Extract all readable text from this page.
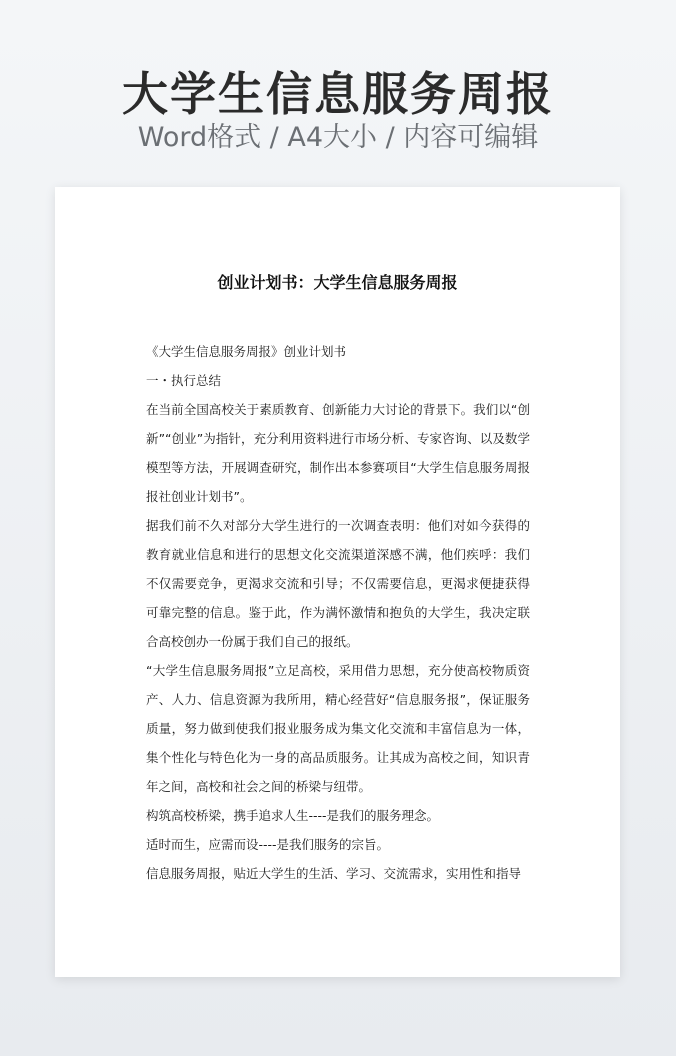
大学生信息服务周报
Word格式 / A4大小 / 内容可编辑
创业计划书：大学生信息服务周报

《大学生信息服务周报》创业计划书

一・执行总结

在当前全国高校关于素质教育、创新能力大讨论的背景下。我们以“创新”“创业”为指针，充分利用资料进行市场分析、专家咨询、以及数学模型等方法，开展调查研究，制作出本参赛项目“大学生信息服务周报报社创业计划书”。

据我们前不久对部分大学生进行的一次调查表明：他们对如今获得的教育就业信息和进行的思想文化交流渠道深感不满，他们疾呼：我们不仅需要竞争，更渴求交流和引导；不仅需要信息，更渴求便捷获得可靠完整的信息。鉴于此，作为满怀激情和抱负的大学生，我决定联合高校创办一份属于我们自己的报纸。

“大学生信息服务周报”立足高校，采用借力思想，充分使高校物质资产、人力、信息资源为我所用，精心经营好“信息服务报”，保证服务质量，努力做到使我们报业服务成为集文化交流和丰富信息为一体，集个性化与特色化为一身的高品质服务。让其成为高校之间，知识青年之间，高校和社会之间的桥梁与纽带。

构筑高校桥梁，携手追求人生----是我们的服务理念。

适时而生，应需而设----是我们服务的宗旨。

信息服务周报，贴近大学生的生活、学习、交流需求，实用性和指导
